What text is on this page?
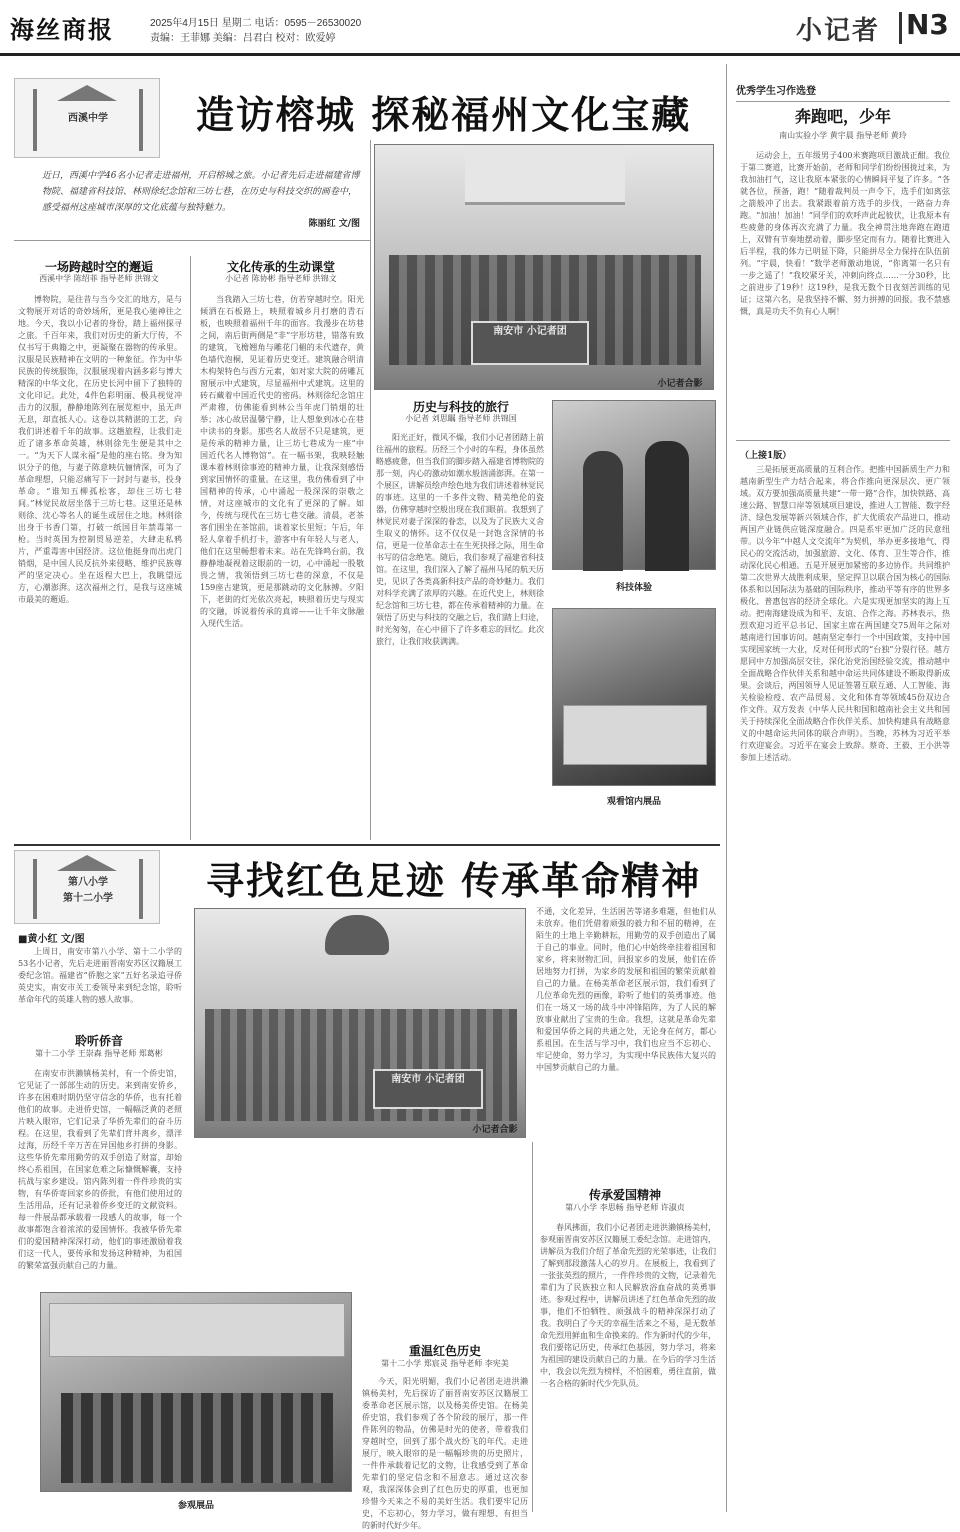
海丝商报	2025年4月15日 星期二 电话：0595－26530020
责编：王菲娜 美编：吕君白 校对：欧爱婷	小记者 N3
西溪中学	造访榕城 探秘福州文化宝藏
近日，西溪中学46名小记者走进福州，开启榕城之旅。小记者先后走进福建省博物院、福建省科技馆、林则徐纪念馆和三坊七巷，在历史与科技交织的画卷中，感受福州这座城市深厚的文化底蕴与独特魅力。
陈丽红 文/图
一场跨越时空的邂逅
西溪中学 陈绍菲 指导老师 洪锦文
博物院，是往昔与当今交汇的地方，是与文物展开对话的奇妙场所，更是我心驰神往之地。今天，我以小记者的身份，踏上福州探寻之旅。千百年来，我们对历史的新大厅传，不仅书写于典籍之中，更凝聚在器物的传承里。汉服是民族精神在文明的一种象征。作为中华民族的传统服饰，汉服展现着内涵多彩与博大精深的中华文化，在历史长河中留下了独特的文化印记。此处，4件色彩明丽、极具视觉冲击力的汉服，静静地陈列在展览柜中，虽无声无息，却直抵人心。这卷以其精湛的工艺，向我们讲述着千年的故事。这趟旅程，让我们走近了诸多革命英雄，林则徐先生便是其中之一。“为天下人谋永福”是他的座右铭。身为知识分子的他，与妻子陈意映伉俪情深，可为了革命理想，只能忍痛写下一封封与妻书，投身革命。“谁知五柳孤松客，却住三坊七巷间。”林觉民故居坐落于三坊七巷。这里还是林则徐、沈心等名人的诞生或居住之地。林则徐出身于书香门第，打破一纸国目年禁毒第一枪。当时英国为控制贸易逆差，大肆走私鸦片，严重毒害中国经济。这位他挺身而出虎门销烟，是中国人民反抗外来侵略、维护民族尊严的坚定决心。坐在返程大巴上，我眺望远方，心潮澎湃。这次福州之行，是我与这座城市最美的邂逅。
文化传承的生动课堂
小记者 陈协彬 指导老师 洪锦文
当我踏入三坊七巷，仿若穿越时空。阳光倾洒在石板路上，映照着城乡月打磨的青石板，也映照着福州千年的面容。我漫步在坊巷之间，南后街两侧是“非”字形坊巷，错落有致的建筑，飞檐翘角与雕花门楣的未代遗存，黄色墙代泡桐，见证着历史变迁。建筑融合明清木构架特色与西方元素，如对家大院的砖雕瓦窗展示中式建筑，尽显福州中式建筑。这里的砖石藏着中国近代史的密码。林则徐纪念馆庄严肃穆，仿佛能看到林公当年虎门销烟的壮举；冰心故居温馨宁静，让人想象到冰心在巷中读书的身影。那些名人故居不只是建筑，更是传承的精神力量，让三坊七巷成为一座“中国近代名人博物馆”。在一幅书架，我映轻触课本着林则徐事迹的精神力量，让我深刻感悟到家国情怀的重量。在这里，我仿佛看到了中国精神的传承，心中涌起一股深深的崇敬之情，对这座城市的文化有了更深的了解。如今，传统与现代在三坊七巷交融。清晨，老茶客们围坐在茶馆前，谈着家长里短；午后，年轻人拿着手机打卡，游客中有年轻人与老人，他们在这里畅想着未来。站在先锋鸣台前，我静静地凝视着这眼前的一切，心中涌起一股敬畏之情，我领悟到三坊七巷的深意，不仅是159座古建筑，更是那跳动的文化脉搏。夕阳下，老街的灯光依次亮起，映照着历史与现实的交融，诉说着传承的真谛——让千年文脉融入现代生活。
南安市 小记者团
小记者合影
历史与科技的旅行
小记者 刘思瞩 指导老师 洪锦国
阳光正好，微风不燥，我们小记者团踏上前往福州的旅程。历经三个小时的车程，身体虽然略感疲惫，但当我们的脚步踏入福建省博物院的那一刻，内心的激动如潮水般汹涌澎湃。在第一个展区，讲解员绘声绘色地为我们讲述着林觉民的事迹。这里的一千多件文物、精美绝伦的瓷器，仿佛穿越时空般出现在我们眼前。我想到了林觉民对妻子深深的眷恋，以及为了民族大义舍生取义的情怀。这不仅仅是一封饱含深情的书信，更是一位革命志士在生死抉择之际，用生命书写的信念绝笔。随后，我们参观了福建省科技馆。在这里，我们深入了解了福州马尾的航天历史，见识了各类高新科技产品的奇妙魅力。我们对科学充满了浓厚的兴趣。在近代史上，林则徐纪念馆和三坊七巷，都在传承着精神的力量。在领悟了历史与科技的交融之后，我们踏上归途，时光匆匆，在心中留下了许多难忘的回忆。此次旅行，让我们收获满满。
科技体验
观看馆内展品
第八小学
第十二小学	寻找红色足迹 传承革命精神
■黄小红 文/图
上周日，南安市第八小学、第十二小学的53名小记者，先后走进丽晋南安苏区汉籍展工委纪念馆。福建省“侨胞之家”五好名录追寻侨英史实，南安市关工委领导来到纪念馆，聆听革命年代的英雄人物的感人故事。
聆听侨音
第十二小学 王崇森 指导老师 郑葛彬
在南安市洪濑镇杨美村，有一个侨史馆，它见证了一部部生动的历史。来到南安侨乡，许多在困难时期仍坚守信念的华侨，也有托着他们的故事。走进侨史馆，一幅幅泛黄的老照片映入眼帘，它们记录了华侨先辈们的奋斗历程。在这里，我看到了先辈们背井离乡，漂洋过海，历经千辛万苦在异国他乡打拼的身影。这些华侨先辈用勤劳的双手创造了财富，却始终心系祖国，在国家危难之际慷慨解囊，支持抗战与家乡建设。馆内陈列着一件件珍贵的实物，有华侨寄回家乡的侨批，有他们使用过的生活用品，还有记录着侨乡变迁的文献资料。每一件展品都承载着一段感人的故事，每一个故事都饱含着浓浓的爱国情怀。我被华侨先辈们的爱国精神深深打动，他们的事迹激励着我们这一代人，要传承和发扬这种精神，为祖国的繁荣富强贡献自己的力量。
南安市 小记者团
小记者合影
不通，文化差异，生活困苦等诸多难题，但他们从未放弃。他们凭借着顽强的毅力和不屈的精神，在陌生的土地上辛勤耕耘，用勤劳的双手创造出了属于自己的事业。同时，他们心中始终牵挂着祖国和家乡，将来财物汇回，回报家乡的发展，他们在侨居地努力打拼，为家乡的发展和祖国的繁荣贡献着自己的力量。在杨美革命老区展示馆，我们看到了几位革命先烈的画像，聆听了他们的英勇事迹。他们在一场又一场的战斗中冲锋陷阵，为了人民的解放事业献出了宝贵的生命。我想，这就是革命先辈和爱国华侨之间的共通之处，无论身在何方，都心系祖国。在生活与学习中，我们也应当不忘初心、牢记使命，努力学习，为实现中华民族伟大复兴的中国梦贡献自己的力量。
传承爱国精神
第八小学 李思畅 指导老师 许淑贞
春风拂面，我们小记者团走进洪濑镇杨美村，参观丽晋南安苏区汉籍展工委纪念馆。走进馆内，讲解员为我们介绍了革命先烈的光荣事迹，让我们了解到那段激荡人心的岁月。在展板上，我看到了一张张英烈的照片，一件件珍贵的文物，记录着先辈们为了民族独立和人民解放浴血奋战的英勇事迹。参观过程中，讲解员讲述了红色革命先烈的故事，他们不怕牺牲、顽强战斗的精神深深打动了我。我明白了今天的幸福生活来之不易，是无数革命先烈用鲜血和生命换来的。作为新时代的少年，我们要铭记历史，传承红色基因，努力学习，将来为祖国的建设贡献自己的力量。在今后的学习生活中，我会以先烈为榜样，不怕困难，勇往直前，做一名合格的新时代少先队员。
重温红色历史
第十二小学 郑宸灵 指导老师 李宪美
今天，阳光明媚，我们小记者团走进洪濑镇杨美村，先后探访了丽晋南安苏区汉籍展工委革命老区展示馆，以及杨美侨史馆。在杨美侨史馆，我们参观了各个阶段的展厅，那一件件陈列的物品，仿佛是时光的使者，带着我们穿越时空，回到了那个战火纷飞的年代。走进展厅，映入眼帘的是一幅幅珍贵的历史照片，一件件承载着记忆的文物，让我感受到了革命先辈们的坚定信念和不屈意志。通过这次参观，我深深体会到了红色历史的厚重，也更加珍惜今天来之不易的美好生活。我们要牢记历史，不忘初心，努力学习，做有理想、有担当的新时代好少年。
参观展品
优秀学生习作选登
奔跑吧，少年
南山实验小学 黄宇晨 指导老师 黄玲
运动会上，五年级男子400米赛跑项目激战正酣。我位于第二赛道，比赛开始前，老师和同学们纷纷围拢过来，为我加油打气，这让我原本紧张的心情瞬间平复了许多。“各就各位，预备，跑！”随着裁判员一声令下，选手们如离弦之箭般冲了出去。我紧跟着前方选手的步伐，一路奋力奔跑。“加油！加油！”同学们的欢呼声此起彼伏，让我原本有些疲惫的身体再次充满了力量。我全神贯注地奔跑在跑道上，双臂有节奏地摆动着，脚步坚定而有力。随着比赛进入后半程，我的体力已明显下降，只能拼尽全力保持在队伍前列。“宇晨，快看！”数学老师激动地说，“你离第一名只有一步之遥了！”我咬紧牙关，冲刺向终点……一分30秒，比之前进步了19秒！这19秒，是我无数个日夜刻苦训练的见证；这第六名，是我坚持不懈、努力拼搏的回报。我不禁感慨，真是功夫不负有心人啊！
（上接1版）
三是拓展更高质量的互利合作。把推中国新质生产力和越南新型生产力结合起来，将合作推向更深层次、更广领域。双方要加强高质量共建“一带一路”合作，加快铁路、高速公路、智慧口岸等领域项目建设，推进人工智能、数字经济、绿色发展等新兴领域合作，扩大优质农产品进口，推动两国产业链供应链深度融合。四是系牢更加广泛的民意纽带。以今年“中越人文交流年”为契机，举办更多接地气、得民心的交流活动，加强旅游、文化、体育、卫生等合作，推动深化民心相通。五是开展更加紧密的多边协作。共同维护第二次世界大战胜利成果，坚定捍卫以联合国为核心的国际体系和以国际法为基础的国际秩序，推动平等有序的世界多极化、普惠包容的经济全球化。六是实现更加坚实的海上互动。把南海建设成为和平、友谊、合作之海。苏林表示，热烈欢迎习近平总书记、国家主席在两国建交75周年之际对越南进行国事访问。越南坚定奉行一个中国政策，支持中国实现国家统一大业，反对任何形式的“台独”分裂行径。越方愿同中方加强高层交往，深化治党治国经验交流，推动越中全面战略合作伙伴关系和越中命运共同体建设不断取得新成果。会谈后，两国领导人见证签署互联互通、人工智能、海关检验检疫、农产品贸易、文化和体育等领域45份双边合作文件。双方发表《中华人民共和国和越南社会主义共和国关于持续深化全面战略合作伙伴关系、加快构建具有战略意义的中越命运共同体的联合声明》。当晚，苏林为习近平举行欢迎宴会。习近平在宴会上致辞。蔡奇、王毅、王小洪等参加上述活动。
